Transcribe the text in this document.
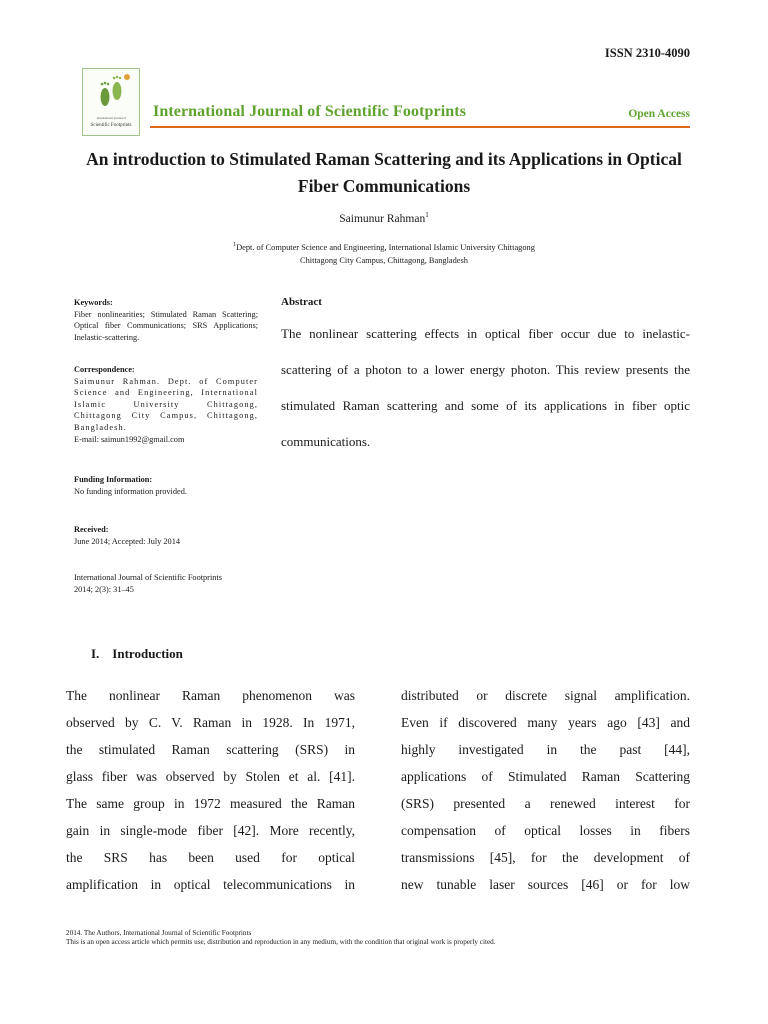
ISSN 2310-4090
international journal of
Scientific Footprints
International Journal of Scientific Footprints	Open Access
An introduction to Stimulated Raman Scattering and its Applications in Optical Fiber Communications
Saimunur Rahman$^1$
$^1$Dept. of Computer Science and Engineering, International Islamic University Chittagong
Chittagong City Campus, Chittagong, Bangladesh
Keywords:
Fiber nonlinearities; Stimulated Raman Scattering; Optical fiber Communications; SRS Applications; Inelastic-scattering.
Correspondence:
Saimunur Rahman. Dept. of Computer Science and Engineering, International Islamic University Chittagong, Chittagong City Campus, Chittagong, Bangladesh.
E-mail: saimun1992@gmail.com
Funding Information:
No funding information provided.
Received:
June 2014; Accepted: July 2014
International Journal of Scientific Footprints 2014; 2(3): 31–45
Abstract
The nonlinear scattering effects in optical fiber occur due to inelastic-scattering of a photon to a lower energy photon. This review presents the stimulated Raman scattering and some of its applications in fiber optic communications.
I.    Introduction
The nonlinear Raman phenomenon was
observed by C. V. Raman in 1928. In 1971,
the stimulated Raman scattering (SRS) in
glass fiber was observed by Stolen et al. [41].
The same group in 1972 measured the Raman
gain in single-mode fiber [42]. More recently,
the SRS has been used for optical
amplification in optical telecommunications in
distributed or discrete signal amplification.
Even if discovered many years ago [43] and
highly investigated in the past [44],
applications of Stimulated Raman Scattering
(SRS) presented a renewed interest for
compensation of optical losses in fibers
transmissions [45], for the development of
new tunable laser sources [46] or for low
2014. The Authors, International Journal of Scientific Footprints
This is an open access article which permits use, distribution and reproduction in any medium, with the condition that original work is properly cited.
